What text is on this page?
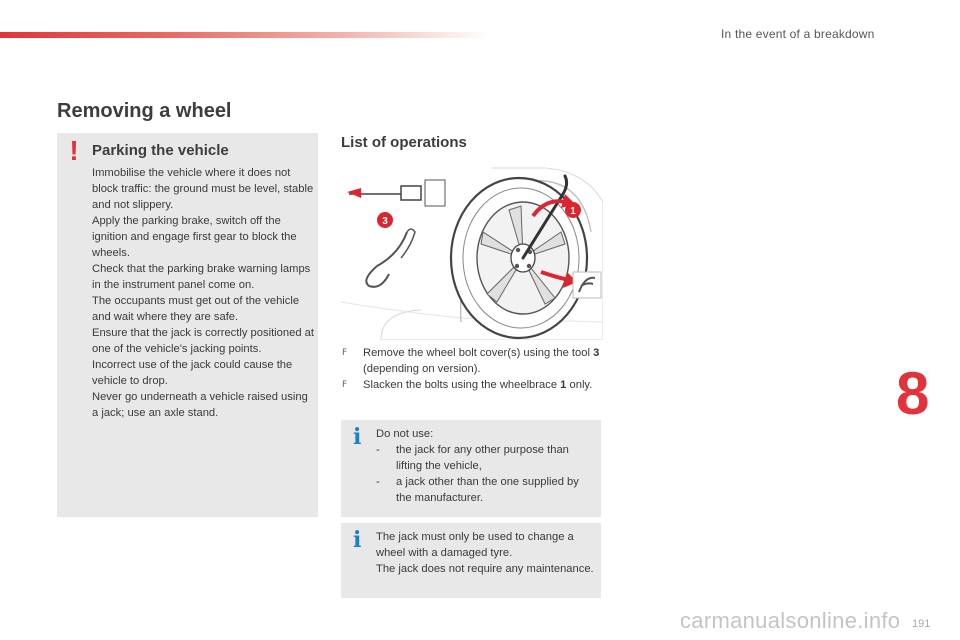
In the event of a breakdown
Removing a wheel
! Parking the vehicle

Immobilise the vehicle where it does not block traffic: the ground must be level, stable and not slippery.

Apply the parking brake, switch off the ignition and engage first gear to block the wheels.

Check that the parking brake warning lamps in the instrument panel come on.

The occupants must get out of the vehicle and wait where they are safe.

Ensure that the jack is correctly positioned at one of the vehicle's jacking points.

Incorrect use of the jack could cause the vehicle to drop.

Never go underneath a vehicle raised using a jack; use an axle stand.

List of operations
1
3
F Remove the wheel bolt cover(s) using the tool 3 (depending on version).
F Slacken the bolts using the wheelbrace 1 only.
i Do not use:

- the jack for any other purpose than lifting the vehicle,
- a jack other than the one supplied by the manufacturer.
i The jack must only be used to change a wheel with a damaged tyre.

The jack does not require any maintenance.

8
carmanualsonline.info 191
